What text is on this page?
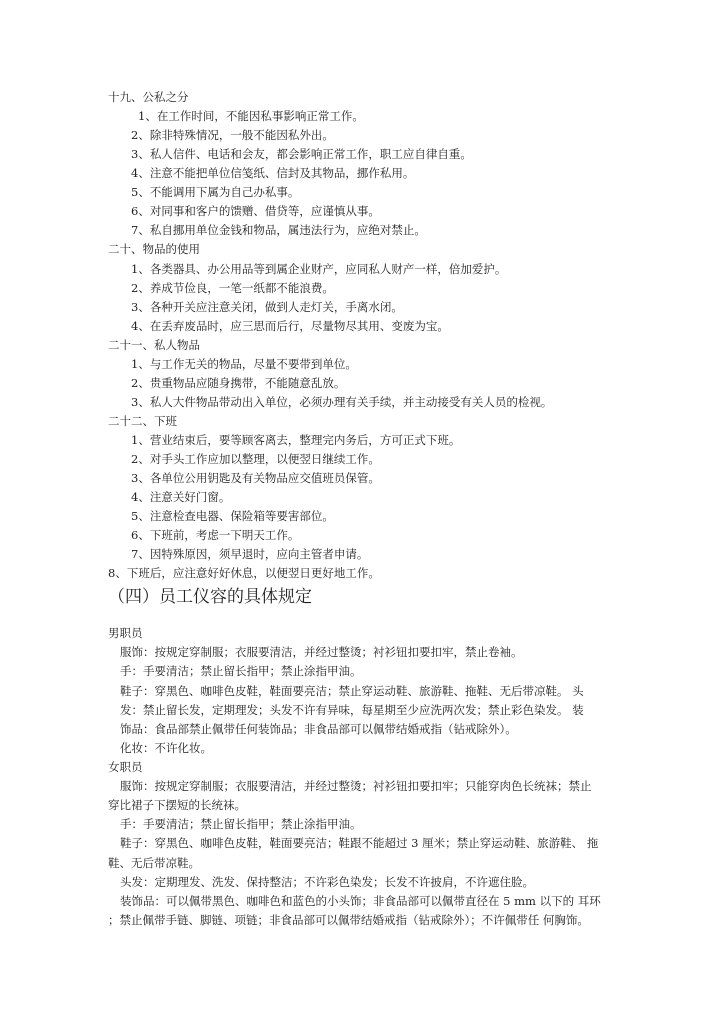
十九、公私之分
1、在工作时间，不能因私事影响正常工作。
2、除非特殊情况，一般不能因私外出。
3、私人信件、电话和会友，都会影响正常工作，职工应自律自重。
4、注意不能把单位信笺纸、信封及其物品，挪作私用。
5、不能调用下属为自己办私事。
6、对同事和客户的馈赠、借贷等，应谨慎从事。
7、私自挪用单位金钱和物品，属违法行为，应绝对禁止。
二十、物品的使用
1、各类器具、办公用品等到属企业财产，应同私人财产一样，倍加爱护。
2、养成节俭良，一笔一纸都不能浪费。
3、各种开关应注意关闭，做到人走灯关，手离水闭。
4、在丢弃废品时，应三思而后行，尽量物尽其用、变废为宝。
二十一、私人物品
1、与工作无关的物品，尽量不要带到单位。
2、贵重物品应随身携带，不能随意乱放。
3、私人大件物品带动出入单位，必须办理有关手续，并主动接受有关人员的检视。
二十二、下班
1、营业结束后，要等顾客离去，整理完内务后，方可正式下班。
2、对手头工作应加以整理，以便翌日继续工作。
3、各单位公用钥匙及有关物品应交值班员保管。
4、注意关好门窗。
5、注意检查电器、保险箱等要害部位。
6、下班前，考虑一下明天工作。
7、因特殊原因，须早退时，应向主管者申请。
8、下班后，应注意好好休息，以便翌日更好地工作。
（四）员工仪容的具体规定
男职员
服饰：按规定穿制服；衣服要清洁，并经过整烫；衬衫钮扣要扣牢，禁止卷袖。
手：手要清洁；禁止留长指甲；禁止涂指甲油。
鞋子：穿黑色、咖啡色皮鞋，鞋面要亮洁；禁止穿运动鞋、旅游鞋、拖鞋、无后带凉鞋。 头
发：禁止留长发，定期理发；头发不许有异味，每星期至少应洗两次发；禁止彩色染发。 装
饰品：食品部禁止佩带任何装饰品；非食品部可以佩带结婚戒指（钻戒除外）。
化妆：不许化妆。
女职员
服饰：按规定穿制服；衣服要清洁，并经过整烫；衬衫钮扣要扣牢；只能穿肉色长统袜；禁止
穿比裙子下摆短的长统袜。
手：手要清洁；禁止留长指甲；禁止涂指甲油。
鞋子：穿黑色、咖啡色皮鞋，鞋面要亮洁；鞋跟不能超过 3 厘米；禁止穿运动鞋、旅游鞋、 拖
鞋、无后带凉鞋。
头发：定期理发、洗发、保持整洁；不许彩色染发；长发不许披肩，不许遮住脸。
装饰品：可以佩带黑色、咖啡色和蓝色的小头饰；非食品部可以佩带直径在 5 mm 以下的 耳环
；禁止佩带手链、脚链、项链；非食品部可以佩带结婚戒指（钻戒除外）；不许佩带任 何胸饰。
